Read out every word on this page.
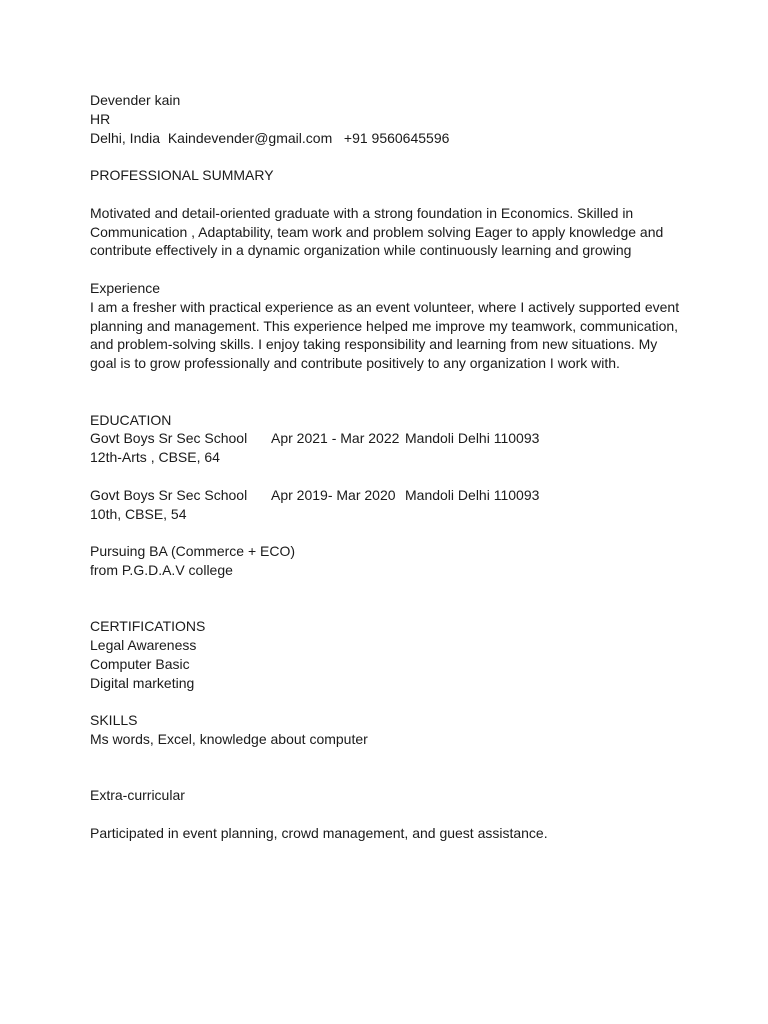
Devender kain
HR
Delhi, India  Kaindevender@gmail.com   +91 9560645596
PROFESSIONAL SUMMARY
Motivated and detail-oriented graduate with a strong foundation in Economics. Skilled in
Communication , Adaptability, team work and problem solving Eager to apply knowledge and
contribute effectively in a dynamic organization while continuously learning and growing
Experience
I am a fresher with practical experience as an event volunteer, where I actively supported event
planning and management. This experience helped me improve my teamwork, communication,
and problem-solving skills. I enjoy taking responsibility and learning from new situations. My
goal is to grow professionally and contribute positively to any organization I work with.
EDUCATION
Govt Boys Sr Sec School	Apr 2021 - Mar 2022 Mandoli Delhi 110093
12th-Arts , CBSE, 64
Govt Boys Sr Sec School	Apr 2019- Mar 2020 Mandoli Delhi 110093
10th, CBSE, 54
Pursuing BA (Commerce + ECO)
from P.G.D.A.V college
CERTIFICATIONS
Legal Awareness
Computer Basic
Digital marketing
SKILLS
Ms words, Excel, knowledge about computer
Extra-curricular
Participated in event planning, crowd management, and guest assistance.
